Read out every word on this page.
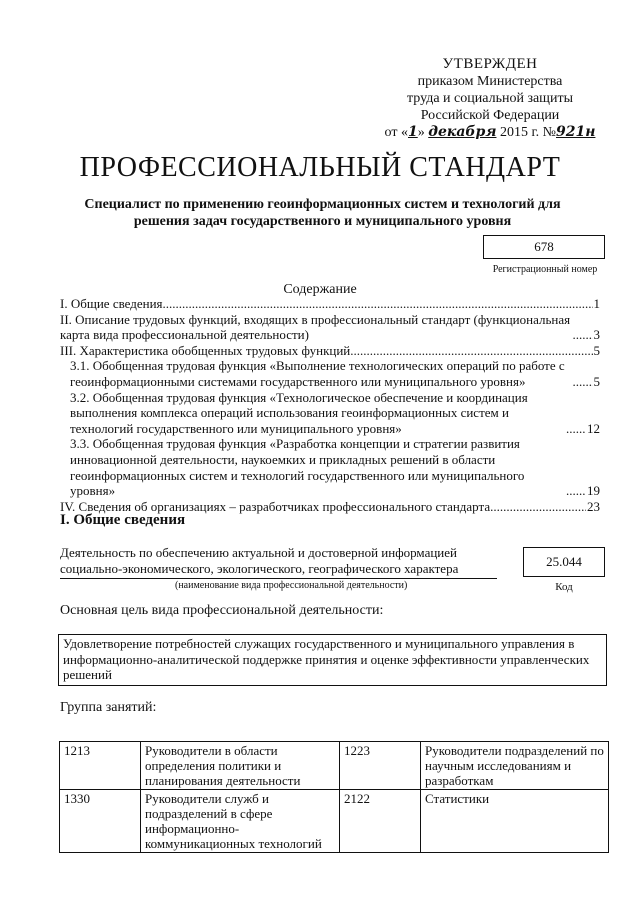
УТВЕРЖДЕН
приказом Министерства
труда и социальной защиты
Российской Федерации
от «1» декабря 2015 г. №921н
ПРОФЕССИОНАЛЬНЫЙ СТАНДАРТ
Специалист по применению геоинформационных систем и технологий для решения задач государственного и муниципального уровня
678
Регистрационный номер
Содержание
I. Общие сведения .....	1
II. Описание трудовых функций, входящих в профессиональный стандарт (функциональная карта вида профессиональной деятельности) .....	3
III. Характеристика обобщенных трудовых функций .....	5
3.1. Обобщенная трудовая функция «Выполнение технологических операций по работе с геоинформационными системами государственного или муниципального уровня» .....	5
3.2. Обобщенная трудовая функция «Технологическое обеспечение и координация выполнения комплекса операций использования геоинформационных систем и технологий государственного или муниципального уровня» .....	12
3.3. Обобщенная трудовая функция «Разработка концепции и стратегии развития инновационной деятельности, наукоемких и прикладных решений в области геоинформационных систем и технологий государственного или муниципального уровня» .....	19
IV. Сведения об организациях – разработчиках профессионального стандарта .....	23
I. Общие сведения
Деятельность по обеспечению актуальной и достоверной информацией социально-экономического, экологического, географического характера
(наименование вида профессиональной деятельности)
25.044
Код
Основная цель вида профессиональной деятельности:
Удовлетворение потребностей служащих государственного и муниципального управления в информационно-аналитической поддержке принятия и оценке эффективности управленческих решений
Группа занятий:
1213	Руководители в области определения политики и планирования деятельности	1223	Руководители подразделений по научным исследованиям и разработкам
1330	Руководители служб и подразделений в сфере информационно-коммуникационных технологий	2122	Статистики
